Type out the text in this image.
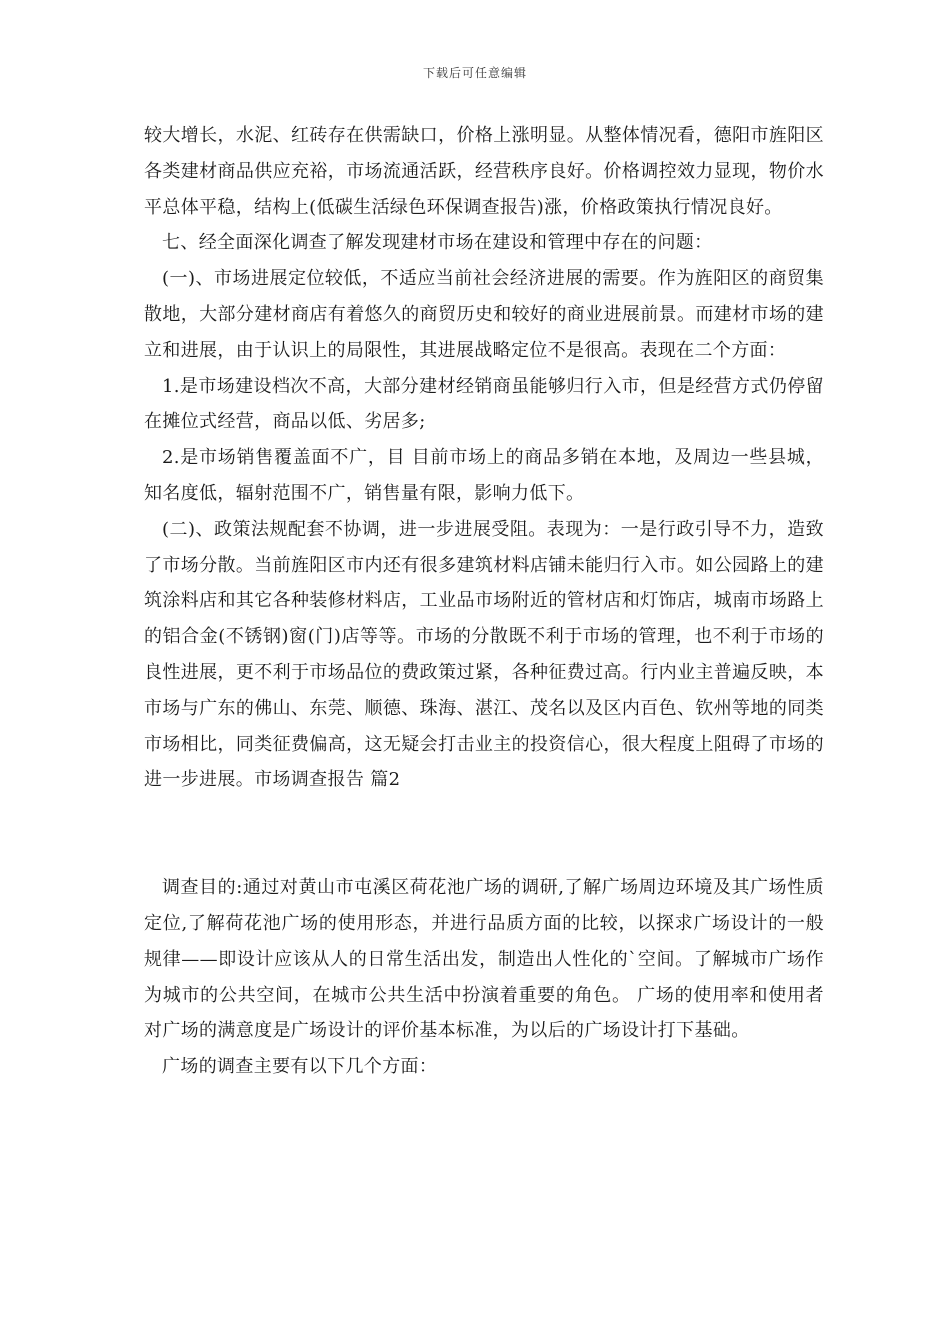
下载后可任意编辑

较大增长，水泥、红砖存在供需缺口，价格上涨明显。从整体情况看，德阳市旌阳区各类建材商品供应充裕，市场流通活跃，经营秩序良好。价格调控效力显现，物价水平总体平稳，结构上(低碳生活绿色环保调查报告)涨，价格政策执行情况良好。

七、经全面深化调查了解发现建材市场在建设和管理中存在的问题：

(一)、市场进展定位较低，不适应当前社会经济进展的需要。作为旌阳区的商贸集散地，大部分建材商店有着悠久的商贸历史和较好的商业进展前景。而建材市场的建立和进展，由于认识上的局限性，其进展战略定位不是很高。表现在二个方面：

1.是市场建设档次不高，大部分建材经销商虽能够归行入市，但是经营方式仍停留在摊位式经营，商品以低、劣居多;

2.是市场销售覆盖面不广，目 目前市场上的商品多销在本地，及周边一些县城，知名度低，辐射范围不广，销售量有限，影响力低下。

(二)、政策法规配套不协调，进一步进展受阻。表现为：一是行政引导不力，造致了市场分散。当前旌阳区市内还有很多建筑材料店铺未能归行入市。如公园路上的建筑涂料店和其它各种装修材料店，工业品市场附近的管材店和灯饰店，城南市场路上的铝合金(不锈钢)窗(门)店等等。市场的分散既不利于市场的管理，也不利于市场的良性进展，更不利于市场品位的费政策过紧，各种征费过高。行内业主普遍反映，本市场与广东的佛山、东莞、顺德、珠海、湛江、茂名以及区内百色、钦州等地的同类市场相比，同类征费偏高，这无疑会打击业主的投资信心，很大程度上阻碍了市场的进一步进展。市场调查报告 篇2

调查目的:通过对黄山市屯溪区荷花池广场的调研,了解广场周边环境及其广场性质定位,了解荷花池广场的使用形态，并进行品质方面的比较，以探求广场设计的一般规律——即设计应该从人的日常生活出发，制造出人性化的`空间。了解城市广场作为城市的公共空间，在城市公共生活中扮演着重要的角色。 广场的使用率和使用者对广场的满意度是广场设计的评价基本标准，为以后的广场设计打下基础。

广场的调查主要有以下几个方面：
